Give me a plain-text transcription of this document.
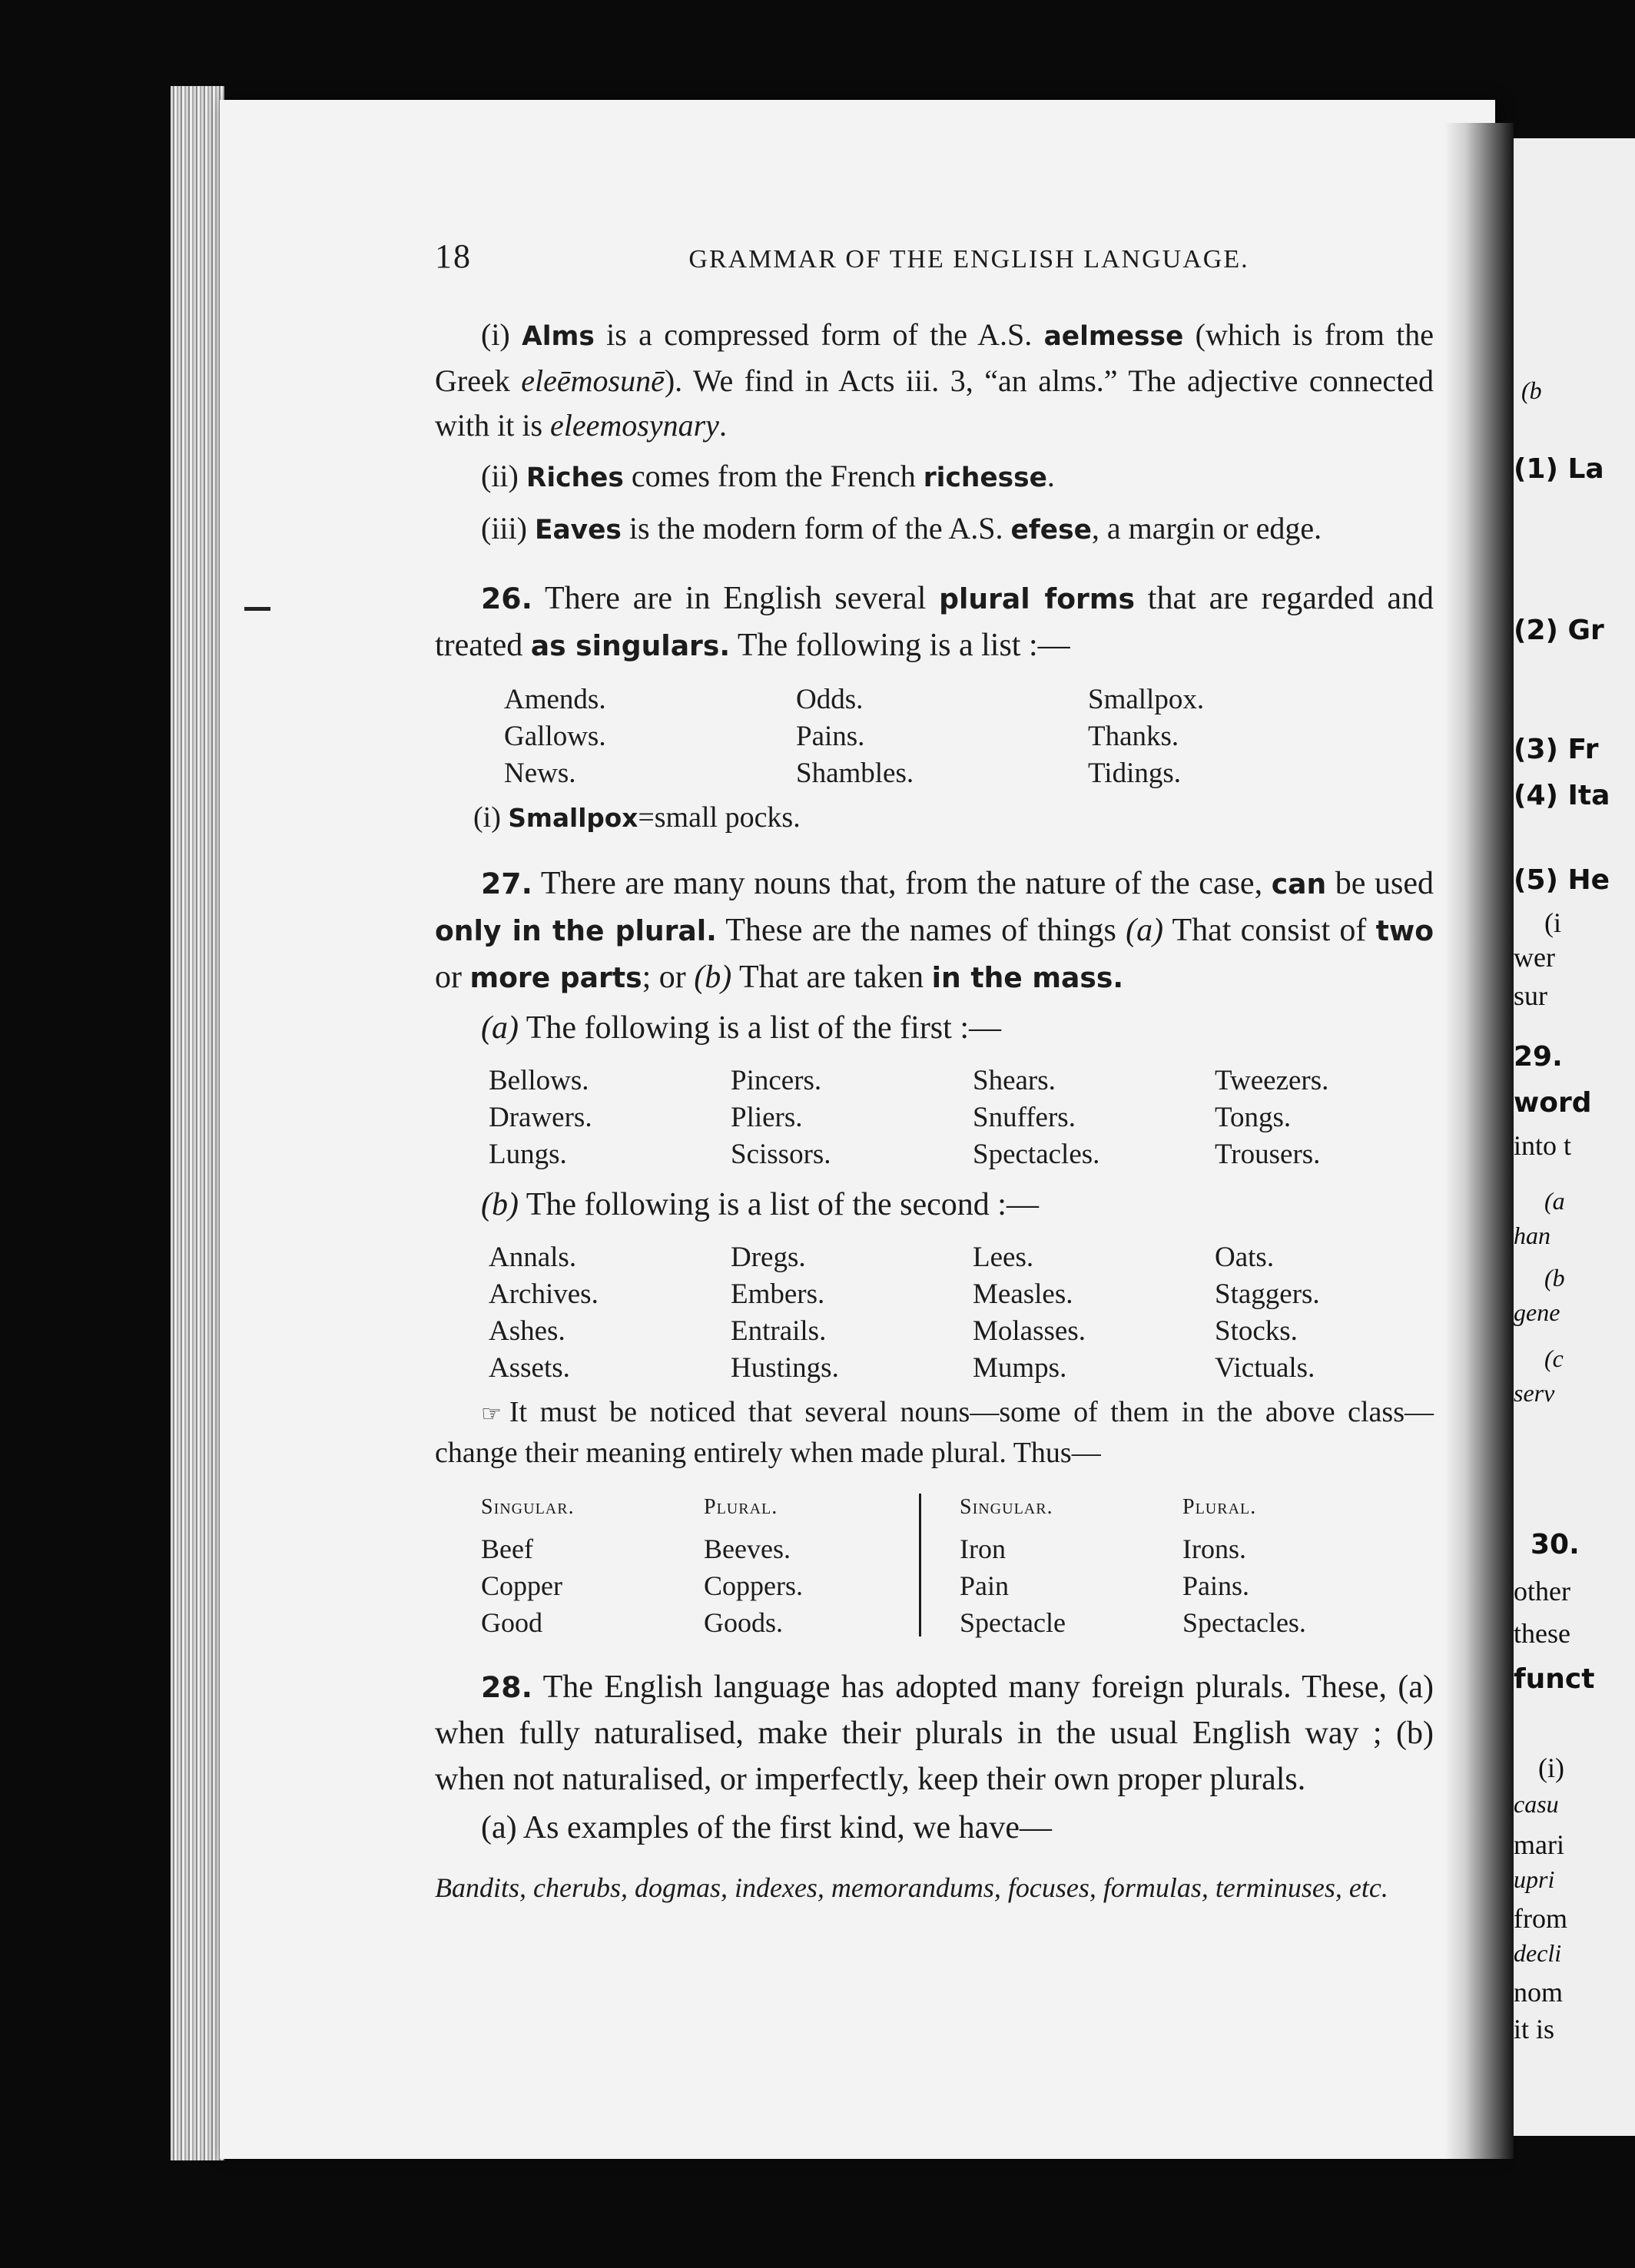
(b
(1) La
(2) Gr
(3) Fr
(4) Ita
(5) He
(i
wer
sur
29.
word
into t
(a
han
(b
gene
(c
serv
30.
other
these
funct
(i)
casu
mari
upri
from
decli
nom
it is
18	GRAMMAR OF THE ENGLISH LANGUAGE.

(i) Alms is a compressed form of the A.S. aelmesse (which is from the Greek eleēmosunē). We find in Acts iii. 3, “an alms.” The adjective connected with it is eleemosynary.

(ii) Riches comes from the French richesse.

(iii) Eaves is the modern form of the A.S. efese, a margin or edge.

26. There are in English several plural forms that are regarded and treated as singulars. The following is a list :—

Amends.	Odds.	Smallpox.
Gallows.	Pains.	Thanks.
News.	Shambles.	Tidings.

(i) Smallpox=small pocks.

27. There are many nouns that, from the nature of the case, can be used only in the plural. These are the names of things (a) That consist of two or more parts; or (b) That are taken in the mass.

(a) The following is a list of the first :—

Bellows.	Pincers.	Shears.	Tweezers.
Drawers.	Pliers.	Snuffers.	Tongs.
Lungs.	Scissors.	Spectacles.	Trousers.

(b) The following is a list of the second :—

Annals.	Dregs.	Lees.	Oats.
Archives.	Embers.	Measles.	Staggers.
Ashes.	Entrails.	Molasses.	Stocks.
Assets.	Hustings.	Mumps.	Victuals.

☞ It must be noticed that several nouns—some of them in the above class—change their meaning entirely when made plural. Thus—

Singular.	Plural.
Beef	Beeves.
Copper	Coppers.
Good	Goods.
Singular.	Plural.
Iron	Irons.
Pain	Pains.
Spectacle	Spectacles.

28. The English language has adopted many foreign plurals. These, (a) when fully naturalised, make their plurals in the usual English way ; (b) when not naturalised, or imperfectly, keep their own proper plurals.

(a) As examples of the first kind, we have—

Bandits, cherubs, dogmas, indexes, memorandums, focuses, formulas, terminuses, etc.
